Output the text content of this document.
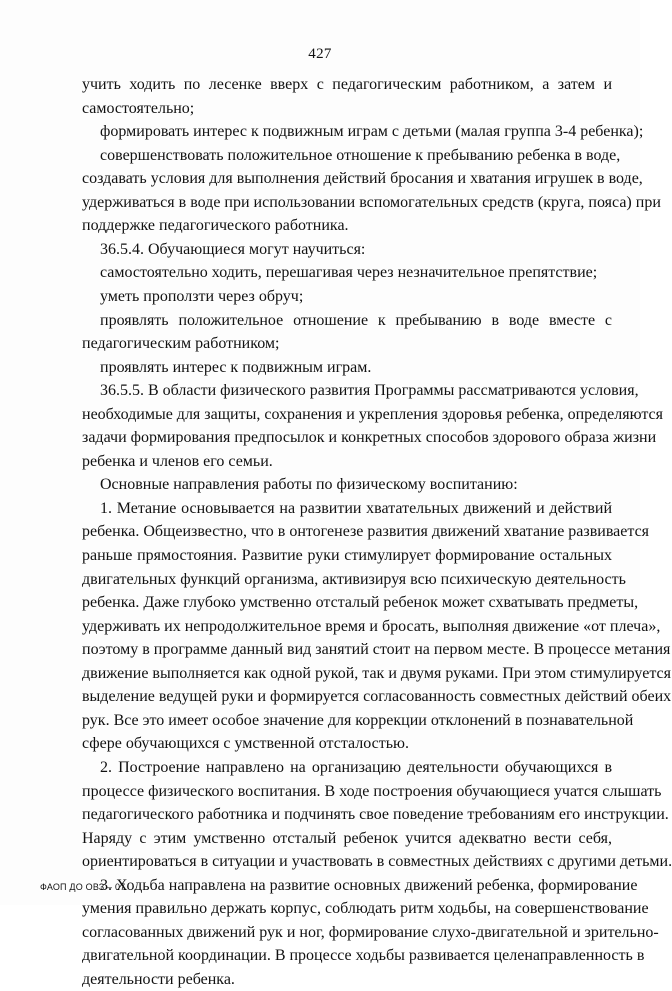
427
учить ходить по лесенке вверх с педагогическим работником, а затем и
самостоятельно;
формировать интерес к подвижным играм с детьми (малая группа 3-4 ребенка);
совершенствовать положительное отношение к пребыванию ребенка в воде,
создавать условия для выполнения действий бросания и хватания игрушек в воде,
удерживаться в воде при использовании вспомогательных средств (круга, пояса) при
поддержке педагогического работника.
36.5.4. Обучающиеся могут научиться:
самостоятельно ходить, перешагивая через незначительное препятствие;
уметь проползти через обруч;
проявлять положительное отношение к пребыванию в воде вместе с
педагогическим работником;
проявлять интерес к подвижным играм.
36.5.5. В области физического развития Программы рассматриваются условия,
необходимые для защиты, сохранения и укрепления здоровья ребенка, определяются
задачи формирования предпосылок и конкретных способов здорового образа жизни
ребенка и членов его семьи.
Основные направления работы по физическому воспитанию:
1. Метание основывается на развитии хватательных движений и действий
ребенка. Общеизвестно, что в онтогенезе развития движений хватание развивается
раньше прямостояния. Развитие руки стимулирует формирование остальных
двигательных функций организма, активизируя всю психическую деятельность
ребенка. Даже глубоко умственно отсталый ребенок может схватывать предметы,
удерживать их непродолжительное время и бросать, выполняя движение «от плеча»,
поэтому в программе данный вид занятий стоит на первом месте. В процессе метания
движение выполняется как одной рукой, так и двумя руками. При этом стимулируется
выделение ведущей руки и формируется согласованность совместных действий обеих
рук. Все это имеет особое значение для коррекции отклонений в познавательной
сфере обучающихся с умственной отсталостью.
2. Построение направлено на организацию деятельности обучающихся в
процессе физического воспитания. В ходе построения обучающиеся учатся слышать
педагогического работника и подчинять свое поведение требованиям его инструкции.
Наряду с этим умственно отсталый ребенок учится адекватно вести себя,
ориентироваться в ситуации и участвовать в совместных действиях с другими детьми.
3. Ходьба направлена на развитие основных движений ребенка, формирование
умения правильно держать корпус, соблюдать ритм ходьбы, на совершенствование
согласованных движений рук и ног, формирование слухо-двигательной и зрительно-
двигательной координации. В процессе ходьбы развивается целенаправленность в
деятельности ребенка.
ФАОП ДО ОВЗ – 07
